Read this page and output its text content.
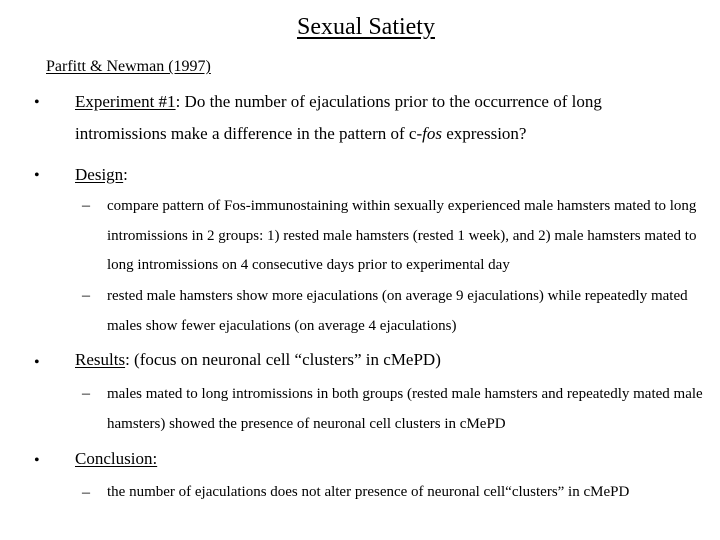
Sexual Satiety
Parfitt & Newman (1997)
• Experiment #1: Do the number of ejaculations prior to the occurrence of long intromissions make a difference in the pattern of c-fos expression?
• Design:
– compare pattern of Fos-immunostaining within sexually experienced male hamsters mated to long intromissions in 2 groups: 1) rested male hamsters (rested 1 week), and 2) male hamsters mated to long intromissions on 4 consecutive days prior to experimental day
– rested male hamsters show more ejaculations (on average 9 ejaculations) while repeatedly mated males show fewer ejaculations (on average 4 ejaculations)
• Results: (focus on neuronal cell “clusters” in cMePD)
– males mated to long intromissions in both groups (rested male hamsters and repeatedly mated male hamsters) showed the presence of neuronal cell clusters in cMePD
• Conclusion:
– the number of ejaculations does not alter presence of neuronal cell“clusters” in cMePD
